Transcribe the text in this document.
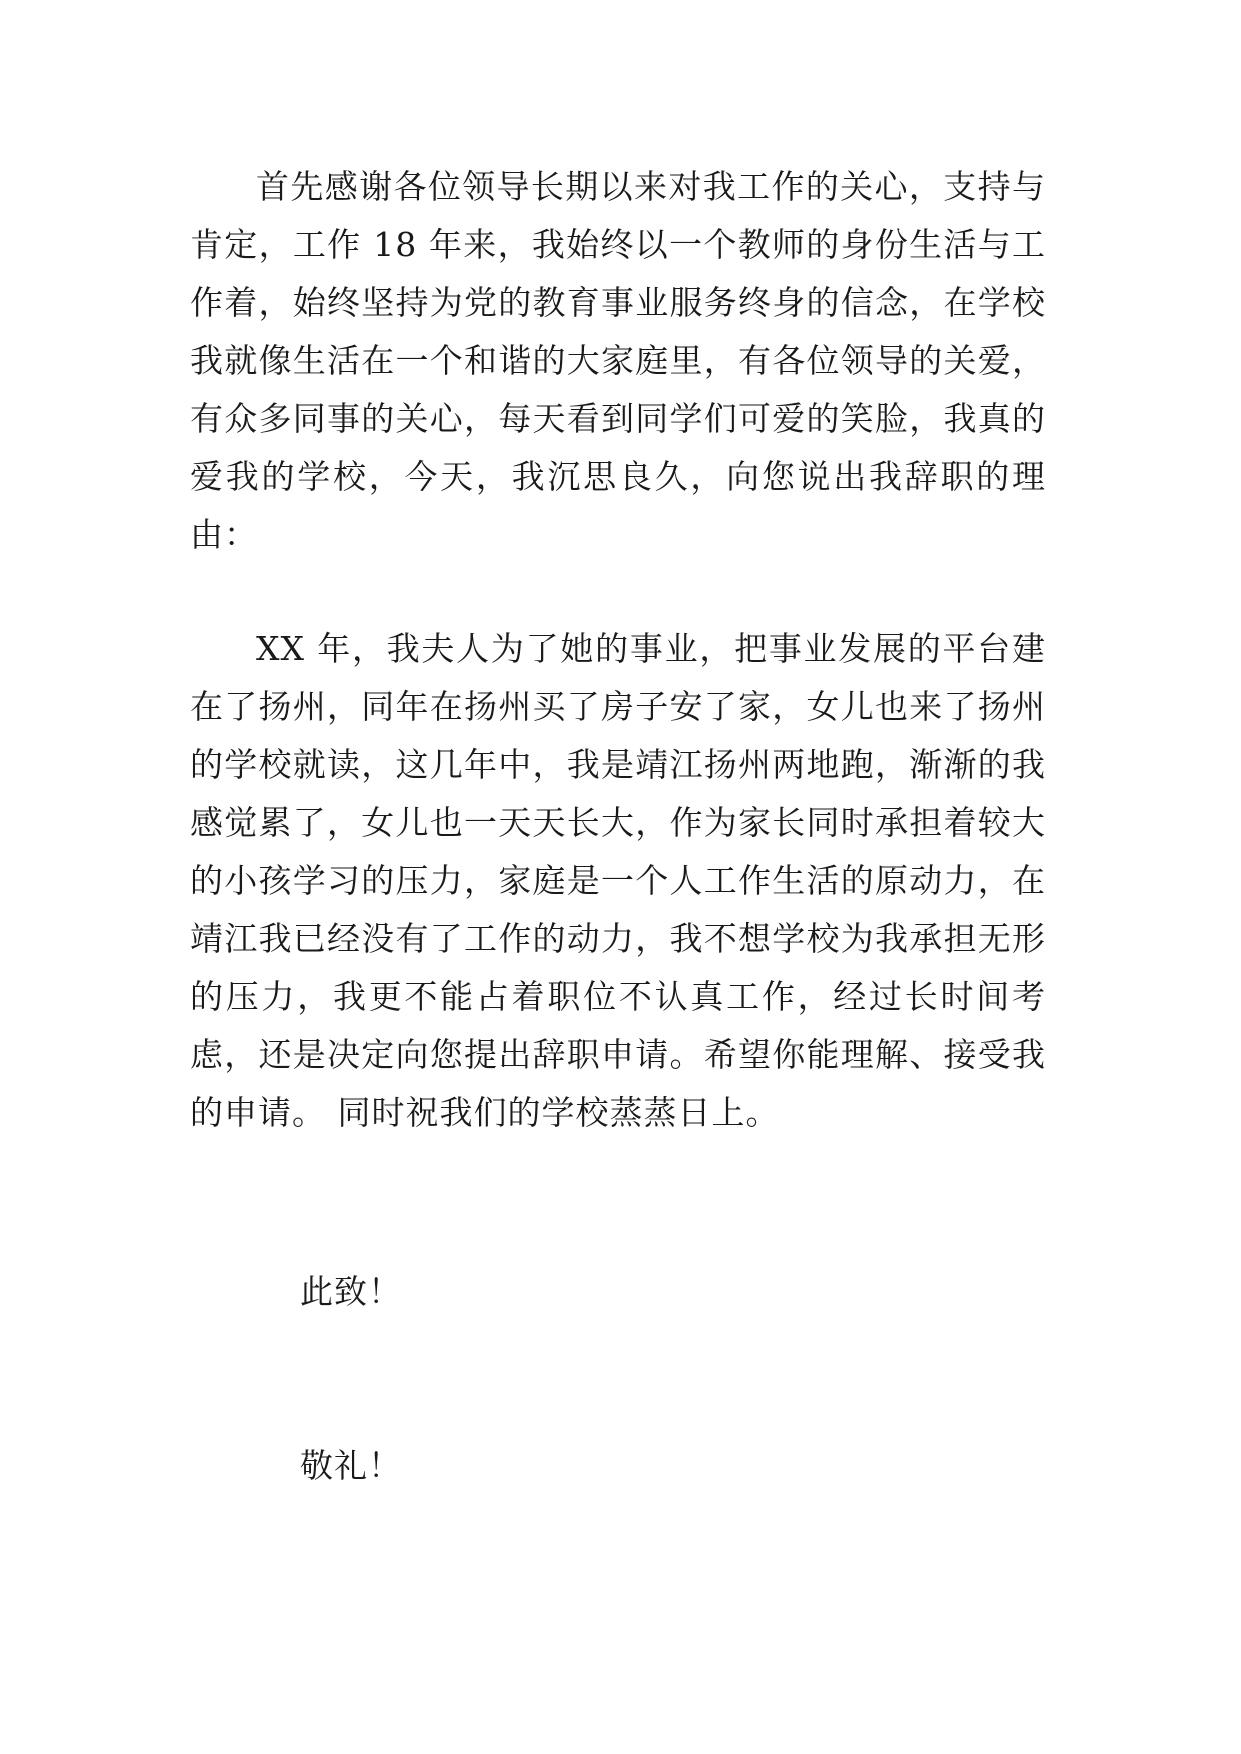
首先感谢各位领导长期以来对我工作的关心，支持与肯定，工作 18 年来，我始终以一个教师的身份生活与工作着，始终坚持为党的教育事业服务终身的信念，在学校我就像生活在一个和谐的大家庭里，有各位领导的关爱，有众多同事的关心，每天看到同学们可爱的笑脸，我真的爱我的学校，今天，我沉思良久，向您说出我辞职的理由：

XX 年，我夫人为了她的事业，把事业发展的平台建在了扬州，同年在扬州买了房子安了家，女儿也来了扬州的学校就读，这几年中，我是靖江扬州两地跑，渐渐的我感觉累了，女儿也一天天长大，作为家长同时承担着较大的小孩学习的压力，家庭是一个人工作生活的原动力，在靖江我已经没有了工作的动力，我不想学校为我承担无形的压力，我更不能占着职位不认真工作，经过长时间考虑，还是决定向您提出辞职申请。希望你能理解、接受我的申请。 同时祝我们的学校蒸蒸日上。

此致！

敬礼！
